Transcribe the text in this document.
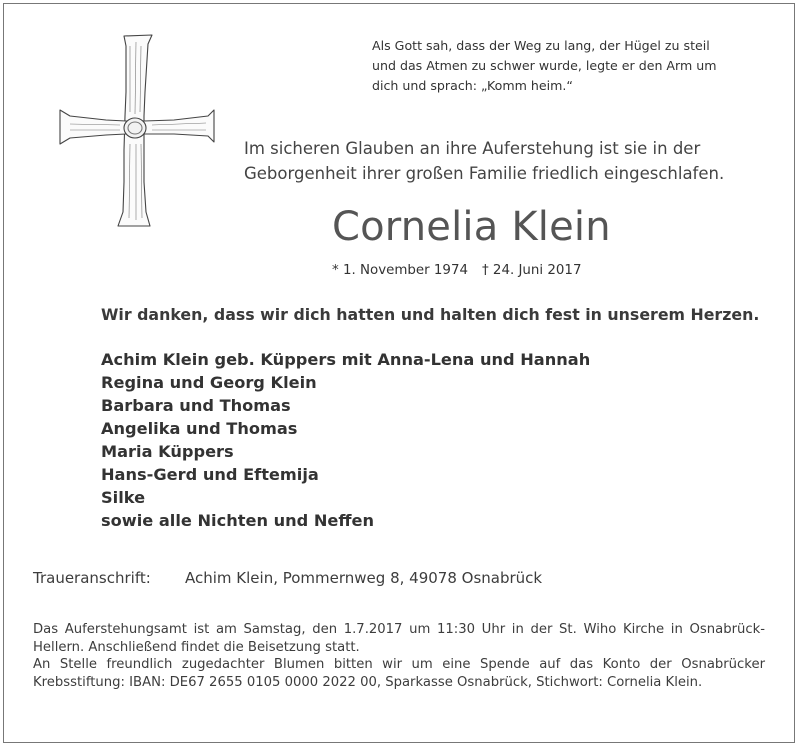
Als Gott sah, dass der Weg zu lang, der Hügel zu steil
und das Atmen zu schwer wurde, legte er den Arm um
dich und sprach: „Komm heim.“
Im sicheren Glauben an ihre Auferstehung ist sie in der
Geborgenheit ihrer großen Familie friedlich eingeschlafen.
Cornelia Klein
* 1. November 1974 † 24. Juni 2017
Wir danken, dass wir dich hatten und halten dich fest in unserem Herzen.
Achim Klein geb. Küppers mit Anna-Lena und Hannah
Regina und Georg Klein
Barbara und Thomas
Angelika und Thomas
Maria Küppers
Hans-Gerd und Eftemija
Silke
sowie alle Nichten und Neffen
Traueranschrift: Achim Klein, Pommernweg 8, 49078 Osnabrück
Das Auferstehungsamt ist am Samstag, den 1.7.2017 um 11:30 Uhr in der St. Wiho Kirche in Osnabrück-Hellern. Anschließend findet die Beisetzung statt.
An Stelle freundlich zugedachter Blumen bitten wir um eine Spende auf das Konto der Osnabrücker Krebsstiftung: IBAN: DE67 2655 0105 0000 2022 00, Sparkasse Osnabrück, Stichwort: Cornelia Klein.
